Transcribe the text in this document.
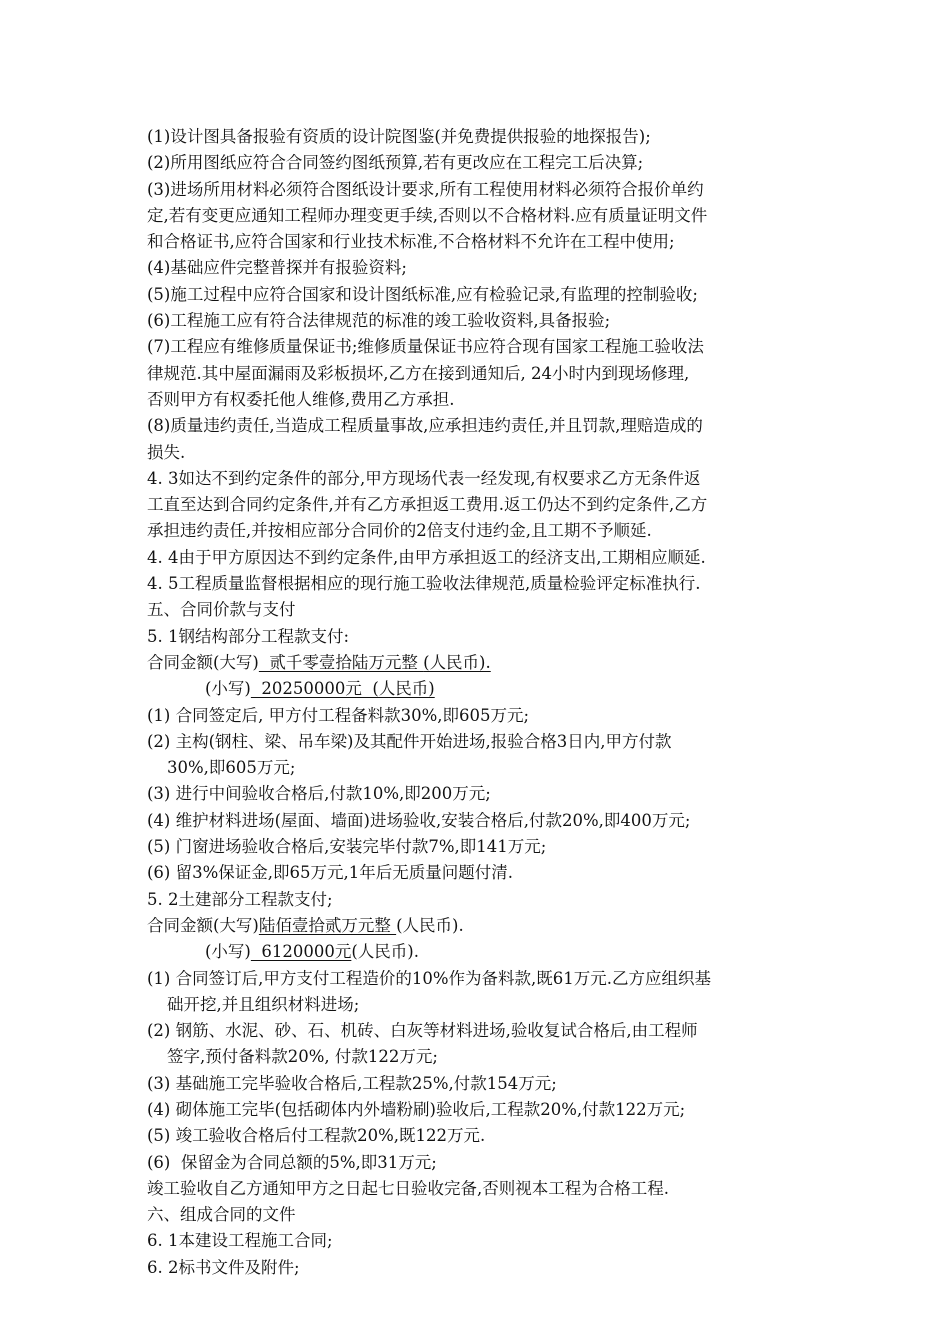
(1)设计图具备报验有资质的设计院图鉴(并免费提供报验的地探报告);
(2)所用图纸应符合合同签约图纸预算,若有更改应在工程完工后决算;
(3)进场所用材料必须符合图纸设计要求,所有工程使用材料必须符合报价单约
定,若有变更应通知工程师办理变更手续,否则以不合格材料.应有质量证明文件
和合格证书,应符合国家和行业技术标准,不合格材料不允许在工程中使用;
(4)基础应件完整普探并有报验资料;
(5)施工过程中应符合国家和设计图纸标准,应有检验记录,有监理的控制验收;
(6)工程施工应有符合法律规范的标准的竣工验收资料,具备报验;
(7)工程应有维修质量保证书;维修质量保证书应符合现有国家工程施工验收法
律规范.其中屋面漏雨及彩板损坏,乙方在接到通知后, 24小时内到现场修理,
否则甲方有权委托他人维修,费用乙方承担.
(8)质量违约责任,当造成工程质量事故,应承担违约责任,并且罚款,理赔造成的
损失.
4. 3如达不到约定条件的部分,甲方现场代表一经发现,有权要求乙方无条件返
工直至达到合同约定条件,并有乙方承担返工费用.返工仍达不到约定条件,乙方
承担违约责任,并按相应部分合同价的2倍支付违约金,且工期不予顺延.
4. 4由于甲方原因达不到约定条件,由甲方承担返工的经济支出,工期相应顺延.
4. 5工程质量监督根据相应的现行施工验收法律规范,质量检验评定标准执行.
五、合同价款与支付
5. 1钢结构部分工程款支付:
合同金额(大写)  贰千零壹拾陆万元整 (人民币).
(小写)  20250000元  (人民币)
(1) 合同签定后, 甲方付工程备料款30%,即605万元;
(2) 主构(钢柱、梁、吊车梁)及其配件开始进场,报验合格3日内,甲方付款
30%,即605万元;
(3) 进行中间验收合格后,付款10%,即200万元;
(4) 维护材料进场(屋面、墙面)进场验收,安装合格后,付款20%,即400万元;
(5) 门窗进场验收合格后,安装完毕付款7%,即141万元;
(6) 留3%保证金,即65万元,1年后无质量问题付清.
5. 2土建部分工程款支付;
合同金额(大写)陆佰壹拾贰万元整 (人民币).
(小写)  6120000元(人民币).
(1) 合同签订后,甲方支付工程造价的10%作为备料款,既61万元.乙方应组织基
础开挖,并且组织材料进场;
(2) 钢筋、水泥、砂、石、机砖、白灰等材料进场,验收复试合格后,由工程师
签字,预付备料款20%, 付款122万元;
(3) 基础施工完毕验收合格后,工程款25%,付款154万元;
(4) 砌体施工完毕(包括砌体内外墙粉刷)验收后,工程款20%,付款122万元;
(5) 竣工验收合格后付工程款20%,既122万元.
(6)  保留金为合同总额的5%,即31万元;
竣工验收自乙方通知甲方之日起七日验收完备,否则视本工程为合格工程.
六、组成合同的文件
6. 1本建设工程施工合同;
6. 2标书文件及附件;
